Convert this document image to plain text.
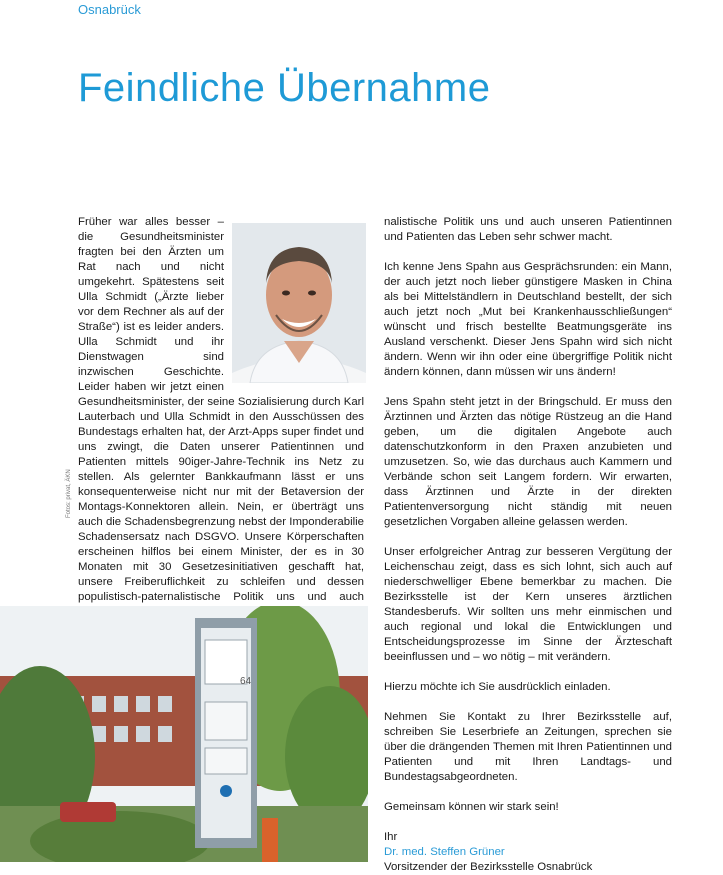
Osnabrück
Feindliche Übernahme
Fotos: privat, ÄKN

Früher war alles besser – die Gesundheitsminister fragten bei den Ärzten um Rat nach und nicht umgekehrt. Spätestens seit Ulla Schmidt („Ärzte lieber vor dem Rechner als auf der Straße“) ist es leider anders. Ulla Schmidt und ihr Dienstwagen sind inzwischen Geschichte. Leider haben wir jetzt einen Gesundheitsminister, der seine Sozialisierung durch Karl Lauterbach und Ulla Schmidt in den Ausschüssen des Bundestags erhalten hat, der Arzt-Apps super findet und uns zwingt, die Daten unserer Patientinnen und Patienten mittels 90iger-Jahre-Technik ins Netz zu stellen. Als gelernter Bankkaufmann lässt er uns konsequenterweise nicht nur mit der Betaversion der Montags-Konnektoren allein. Nein, er überträgt uns auch die Schadensbegrenzung nebst der Imponderabilie Schadensersatz nach DSGVO. Unsere Körperschaften erscheinen hilflos bei einem Minister, der es in 30 Monaten mit 30 Gesetzesinitiativen geschafft hat, unsere Freiberuflichkeit zu schleifen und dessen populistisch-paternalistische Politik uns und auch

nalistische Politik uns und auch unseren Patientinnen und Patienten das Leben sehr schwer macht.

Ich kenne Jens Spahn aus Gesprächsrunden: ein Mann, der auch jetzt noch lieber günstigere Masken in China als bei Mittelständlern in Deutschland bestellt, der sich auch jetzt noch „Mut bei Krankenhausschließungen“ wünscht und frisch bestellte Beatmungsgeräte ins Ausland verschenkt. Dieser Jens Spahn wird sich nicht ändern. Wenn wir ihn oder eine übergriffige Politik nicht ändern können, dann müssen wir uns ändern!

Jens Spahn steht jetzt in der Bringschuld. Er muss den Ärztinnen und Ärzten das nötige Rüstzeug an die Hand geben, um die digitalen Angebote auch datenschutzkonform in den Praxen anzubieten und umzusetzen. So, wie das durchaus auch Kammern und Verbände schon seit Langem fordern. Wir erwarten, dass Ärztinnen und Ärzte in der direkten Patientenversorgung nicht ständig mit neuen gesetzlichen Vorgaben alleine gelassen werden.

Unser erfolgreicher Antrag zur besseren Vergütung der Leichenschau zeigt, dass es sich lohnt, sich auch auf niederschwelliger Ebene bemerkbar zu machen. Die Bezirksstelle ist der Kern unseres ärztlichen Standesberufs. Wir sollten uns mehr einmischen und auch regional und lokal die Entwicklungen und Entscheidungsprozesse im Sinne der Ärzteschaft beeinflussen und – wo nötig – mit verändern.

Hierzu möchte ich Sie ausdrücklich einladen.

Nehmen Sie Kontakt zu Ihrer Bezirksstelle auf, schreiben Sie Leserbriefe an Zeitungen, sprechen sie über die drängenden Themen mit Ihren Patientinnen und Patienten und mit Ihren Landtags- und Bundestagsabgeordneten.

Gemeinsam können wir stark sein!

Ihr

Dr. med. Steffen Grüner

Vorsitzender der Bezirksstelle Osnabrück

64
